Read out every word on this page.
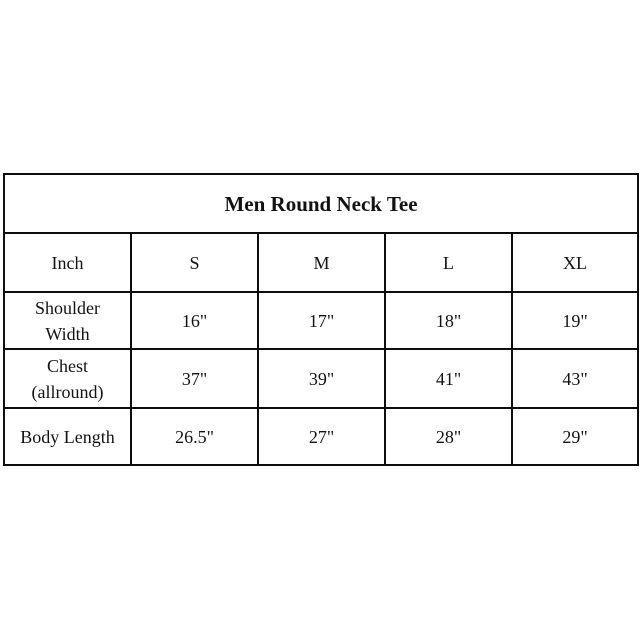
Men Round Neck Tee				
Inch	S	M	L	XL

Shoulder
Width	16"	17"	18"	19"

Chest
(allround)	37"	39"	41"	43"

Body Length	26.5"	27"	28"	29"
